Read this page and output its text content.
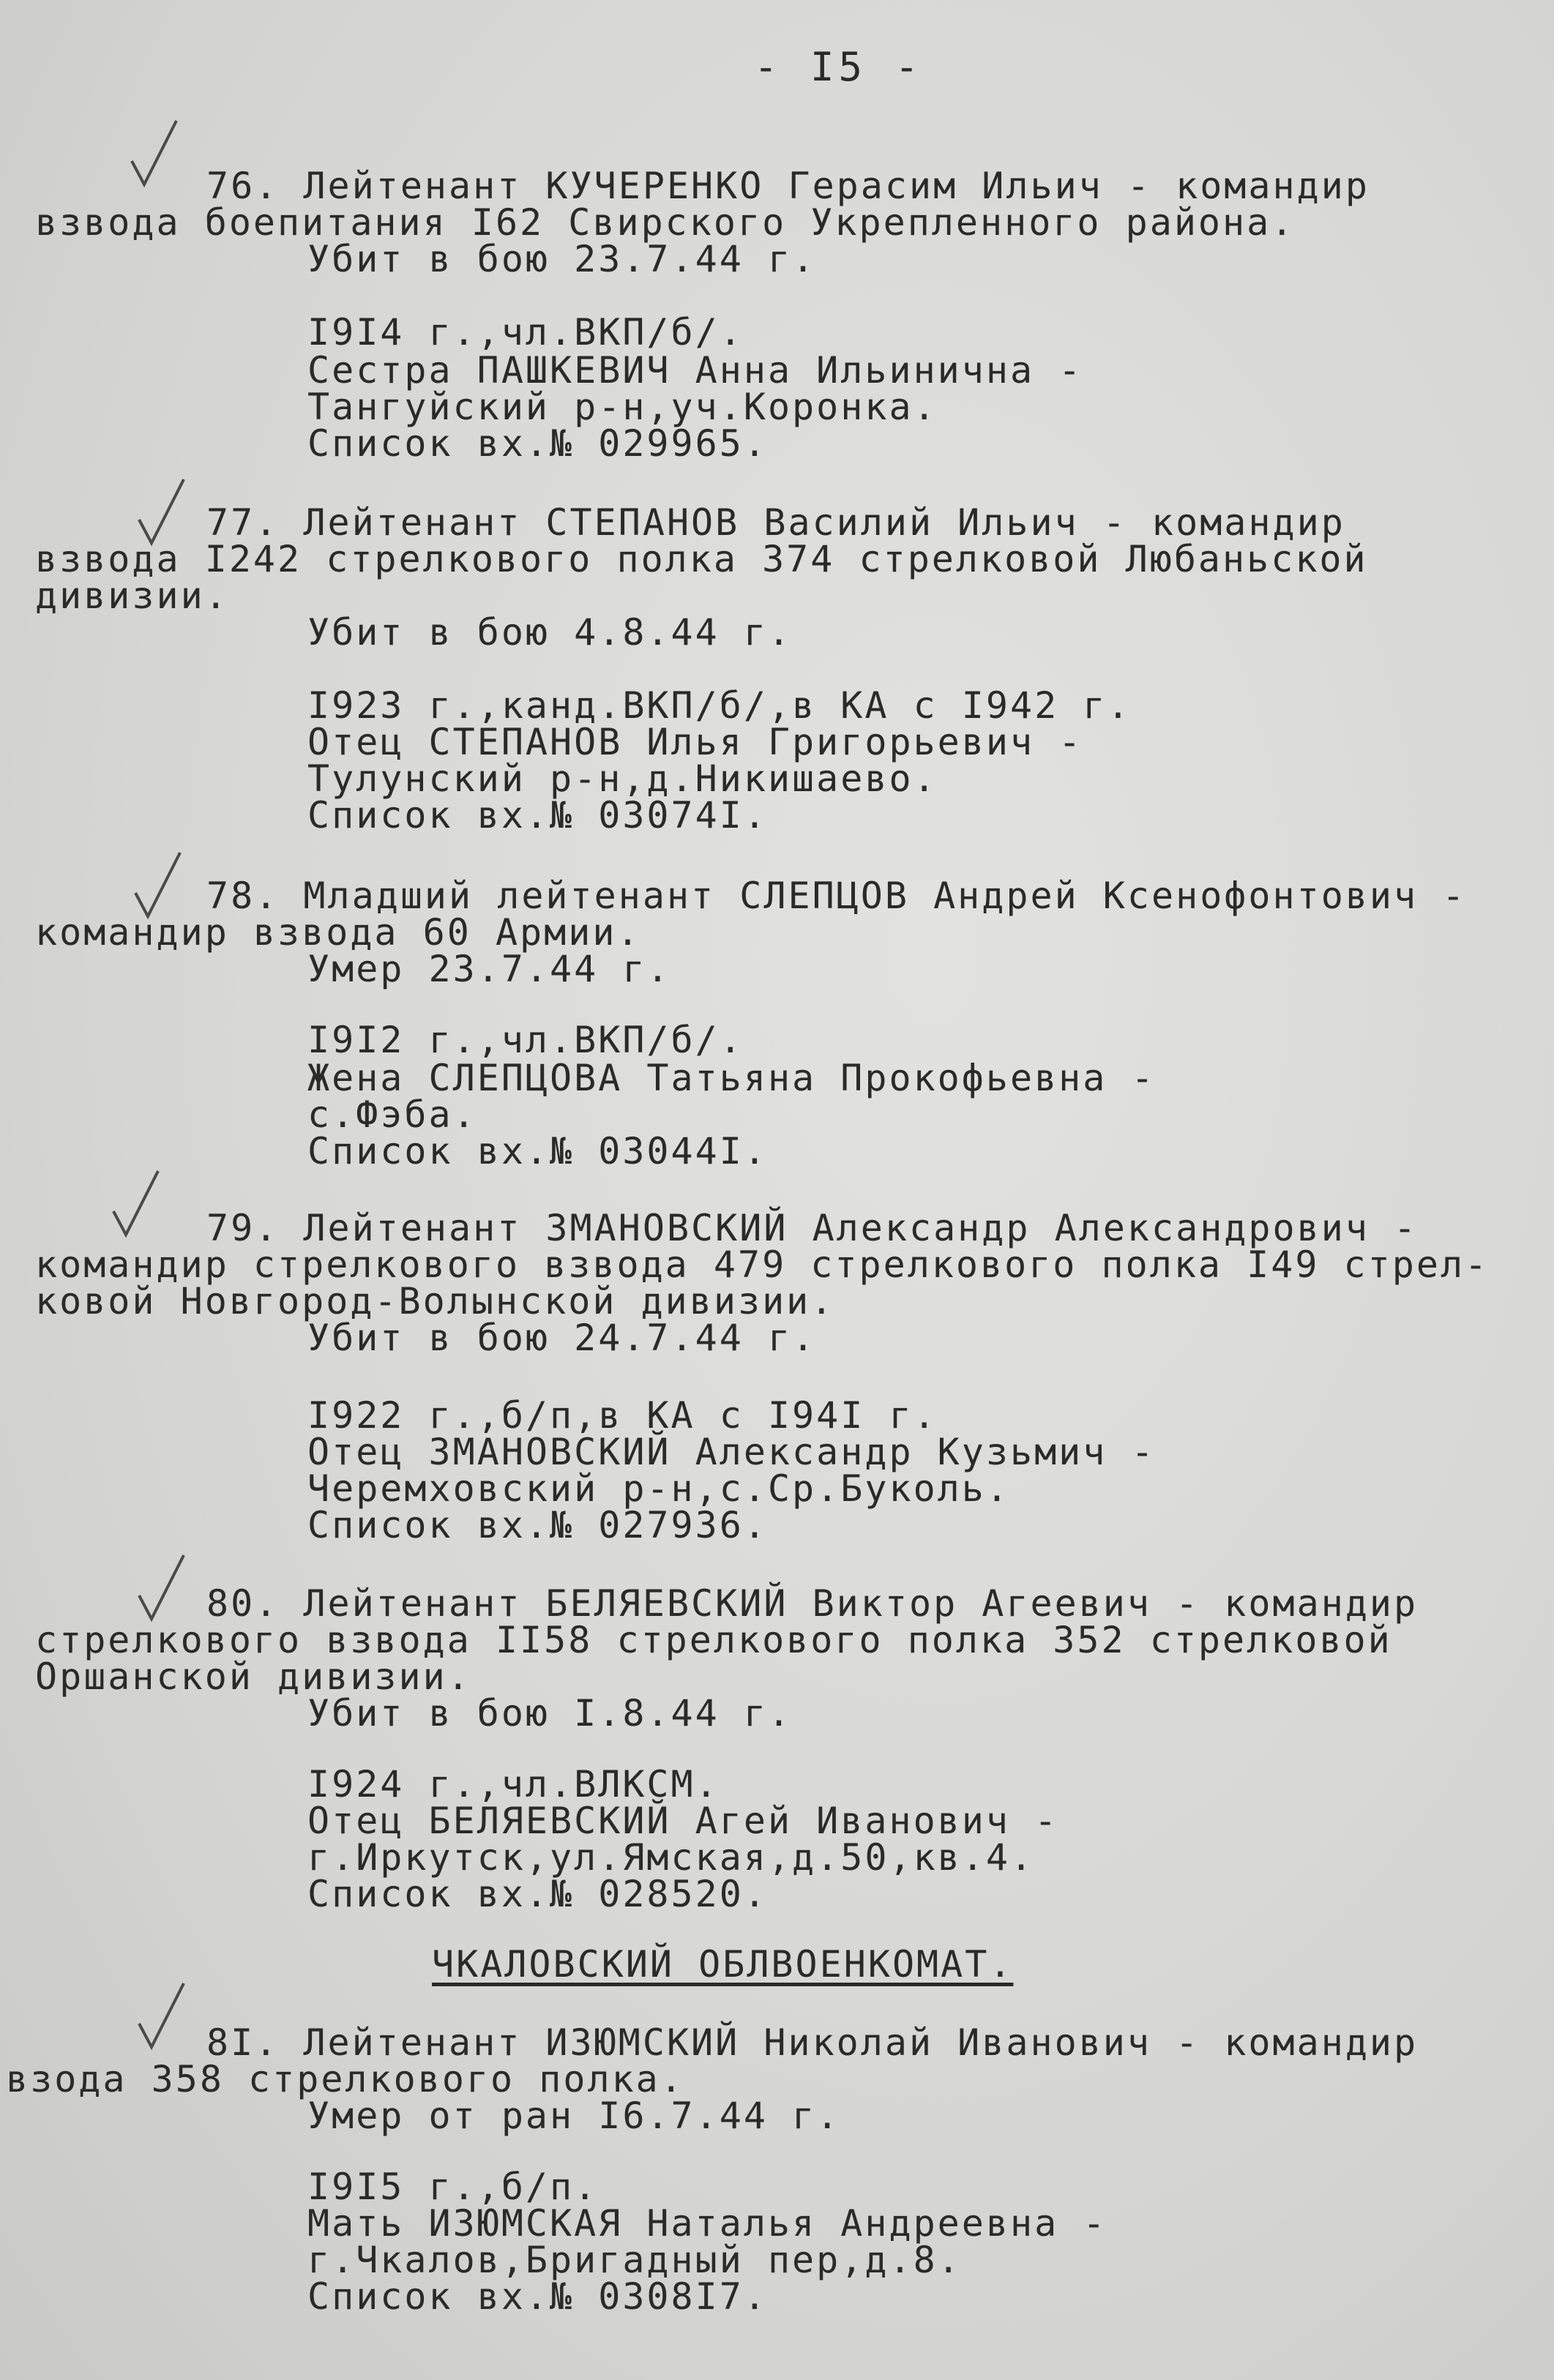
- I5 -
76. Лейтенант КУЧЕРЕНКО Герасим Ильич - командир
взвода боепитания I62 Свирского Укрепленного района.
Убит в бою 23.7.44 г.
I9I4 г.,чл.ВКП/б/.
Сестра ПАШКЕВИЧ Анна Ильинична -
Тангуйский р-н,уч.Коронка.
Список вх.№ 029965.
77. Лейтенант СТЕПАНОВ Василий Ильич - командир
взвода I242 стрелкового полка 374 стрелковой Любаньской
дивизии.
Убит в бою 4.8.44 г.
I923 г.,канд.ВКП/б/,в КА с I942 г.
Отец СТЕПАНОВ Илья Григорьевич -
Тулунский р-н,д.Никишаево.
Список вх.№ 03074I.
78. Младший лейтенант СЛЕПЦОВ Андрей Ксенофонтович -
командир взвода 60 Армии.
Умер 23.7.44 г.
I9I2 г.,чл.ВКП/б/.
Жена СЛЕПЦОВА Татьяна Прокофьевна -
с.Фэба.
Список вх.№ 03044I.
79. Лейтенант ЗМАНОВСКИЙ Александр Александрович -
командир стрелкового взвода 479 стрелкового полка I49 стрел-
ковой Новгород-Волынской дивизии.
Убит в бою 24.7.44 г.
I922 г.,б/п,в КА с I94I г.
Отец ЗМАНОВСКИЙ Александр Кузьмич -
Черемховский р-н,с.Ср.Буколь.
Список вх.№ 027936.
80. Лейтенант БЕЛЯЕВСКИЙ Виктор Агеевич - командир
стрелкового взвода II58 стрелкового полка 352 стрелковой
Оршанской дивизии.
Убит в бою I.8.44 г.
I924 г.,чл.ВЛКСМ.
Отец БЕЛЯЕВСКИЙ Агей Иванович -
г.Иркутск,ул.Ямская,д.50,кв.4.
Список вх.№ 028520.
ЧКАЛОВСКИЙ ОБЛВОЕНКОМАТ.
8I. Лейтенант ИЗЮМСКИЙ Николай Иванович - командир
взода 358 стрелкового полка.
Умер от ран I6.7.44 г.
I9I5 г.,б/п.
Мать ИЗЮМСКАЯ Наталья Андреевна -
г.Чкалов,Бригадный пер,д.8.
Список вх.№ 0308I7.
